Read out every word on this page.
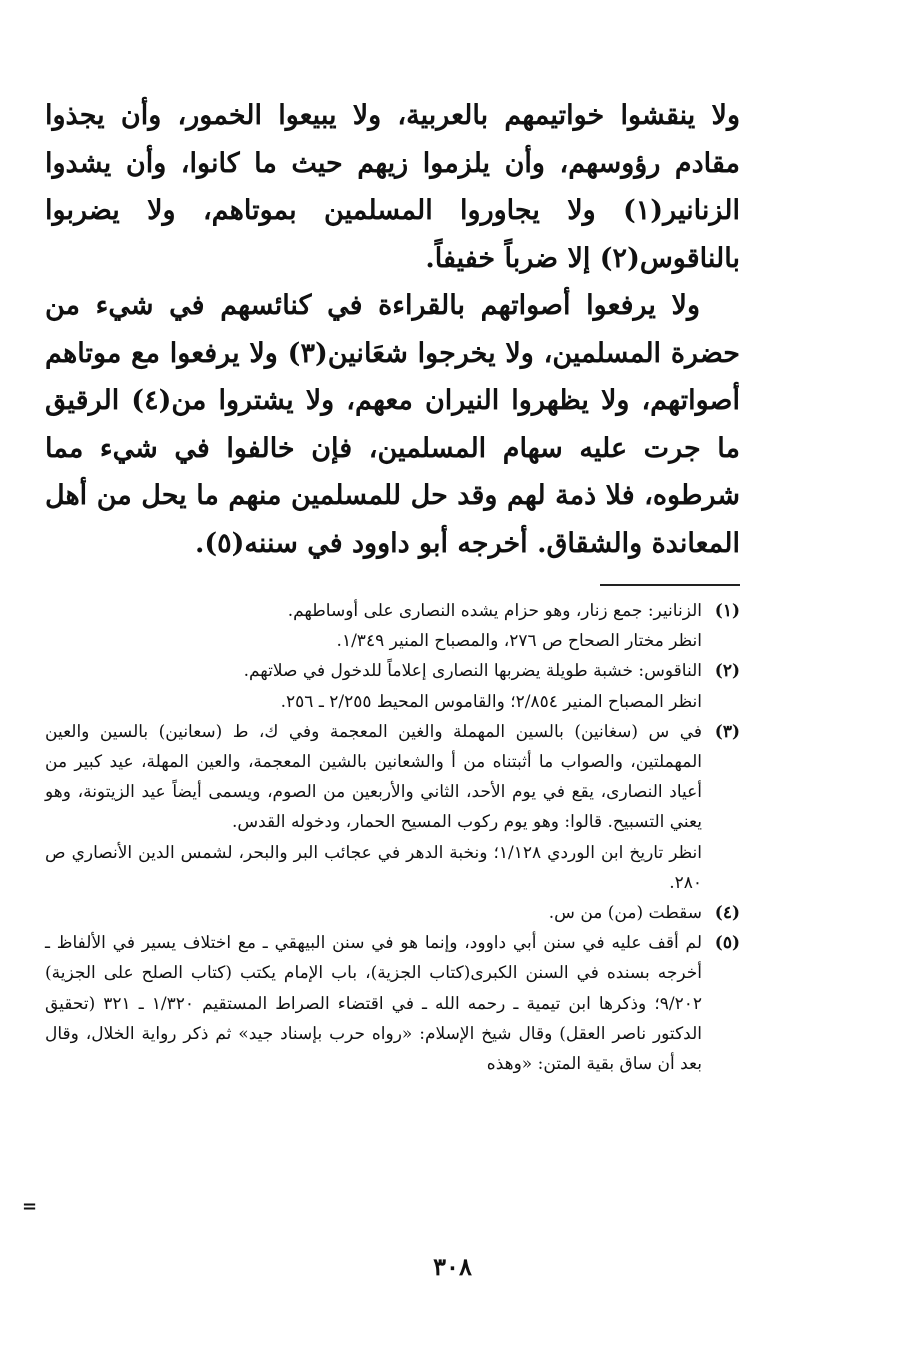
ولا ينقشوا خواتيمهم بالعربية، ولا يبيعوا الخمور، وأن يجذوا مقادم رؤوسهم، وأن يلزموا زيهم حيث ما كانوا، وأن يشدوا الزنانير(١) ولا يجاوروا المسلمين بموتاهم، ولا يضربوا بالناقوس(٢) إلا ضرباً خفيفاً.

ولا يرفعوا أصواتهم بالقراءة في كنائسهم في شيء من حضرة المسلمين، ولا يخرجوا شعَانين(٣) ولا يرفعوا مع موتاهم أصواتهم، ولا يظهروا النيران معهم، ولا يشتروا من(٤) الرقيق ما جرت عليه سهام المسلمين، فإن خالفوا في شيء مما شرطوه، فلا ذمة لهم وقد حل للمسلمين منهم ما يحل من أهل المعاندة والشقاق. أخرجه أبو داوود في سننه(٥).

(١)
الزنانير: جمع زنار، وهو حزام يشده النصارى على أوساطهم.
انظر مختار الصحاح ص ٢٧٦، والمصباح المنير ١/٣٤٩.
(٢)
الناقوس: خشبة طويلة يضربها النصارى إعلاماً للدخول في صلاتهم.
انظر المصباح المنير ٢/٨٥٤؛ والقاموس المحيط ٢/٢٥٥ ـ ٢٥٦.
(٣)
في س (سغانين) بالسين المهملة والغين المعجمة وفي ك، ط (سعانين) بالسين والعين المهملتين، والصواب ما أثبتناه من أ والشعانين بالشين المعجمة، والعين المهلة، عيد كبير من أعياد النصارى، يقع في يوم الأحد، الثاني والأربعين من الصوم، ويسمى أيضاً عيد الزيتونة، وهو يعني التسبيح. قالوا: وهو يوم ركوب المسيح الحمار، ودخوله القدس.
انظر تاريخ ابن الوردي ١/١٢٨؛ ونخبة الدهر في عجائب البر والبحر، لشمس الدين الأنصاري ص ٢٨٠.
(٤)
سقطت (من) من س.
(٥)
لم أقف عليه في سنن أبي داوود، وإنما هو في سنن البيهقي ـ مع اختلاف يسير في الألفاظ ـ أخرجه بسنده في السنن الكبرى(كتاب الجزية)، باب الإمام يكتب (كتاب الصلح على الجزية) ٩/٢٠٢؛ وذكرها ابن تيمية ـ رحمه الله ـ في اقتضاء الصراط المستقيم ١/٣٢٠ ـ ٣٢١ (تحقيق الدكتور ناصر العقل) وقال شيخ الإسلام: «رواه حرب بإسناد جيد» ثم ذكر رواية الخلال، وقال بعد أن ساق بقية المتن: «وهذه
=
٣٠٨
